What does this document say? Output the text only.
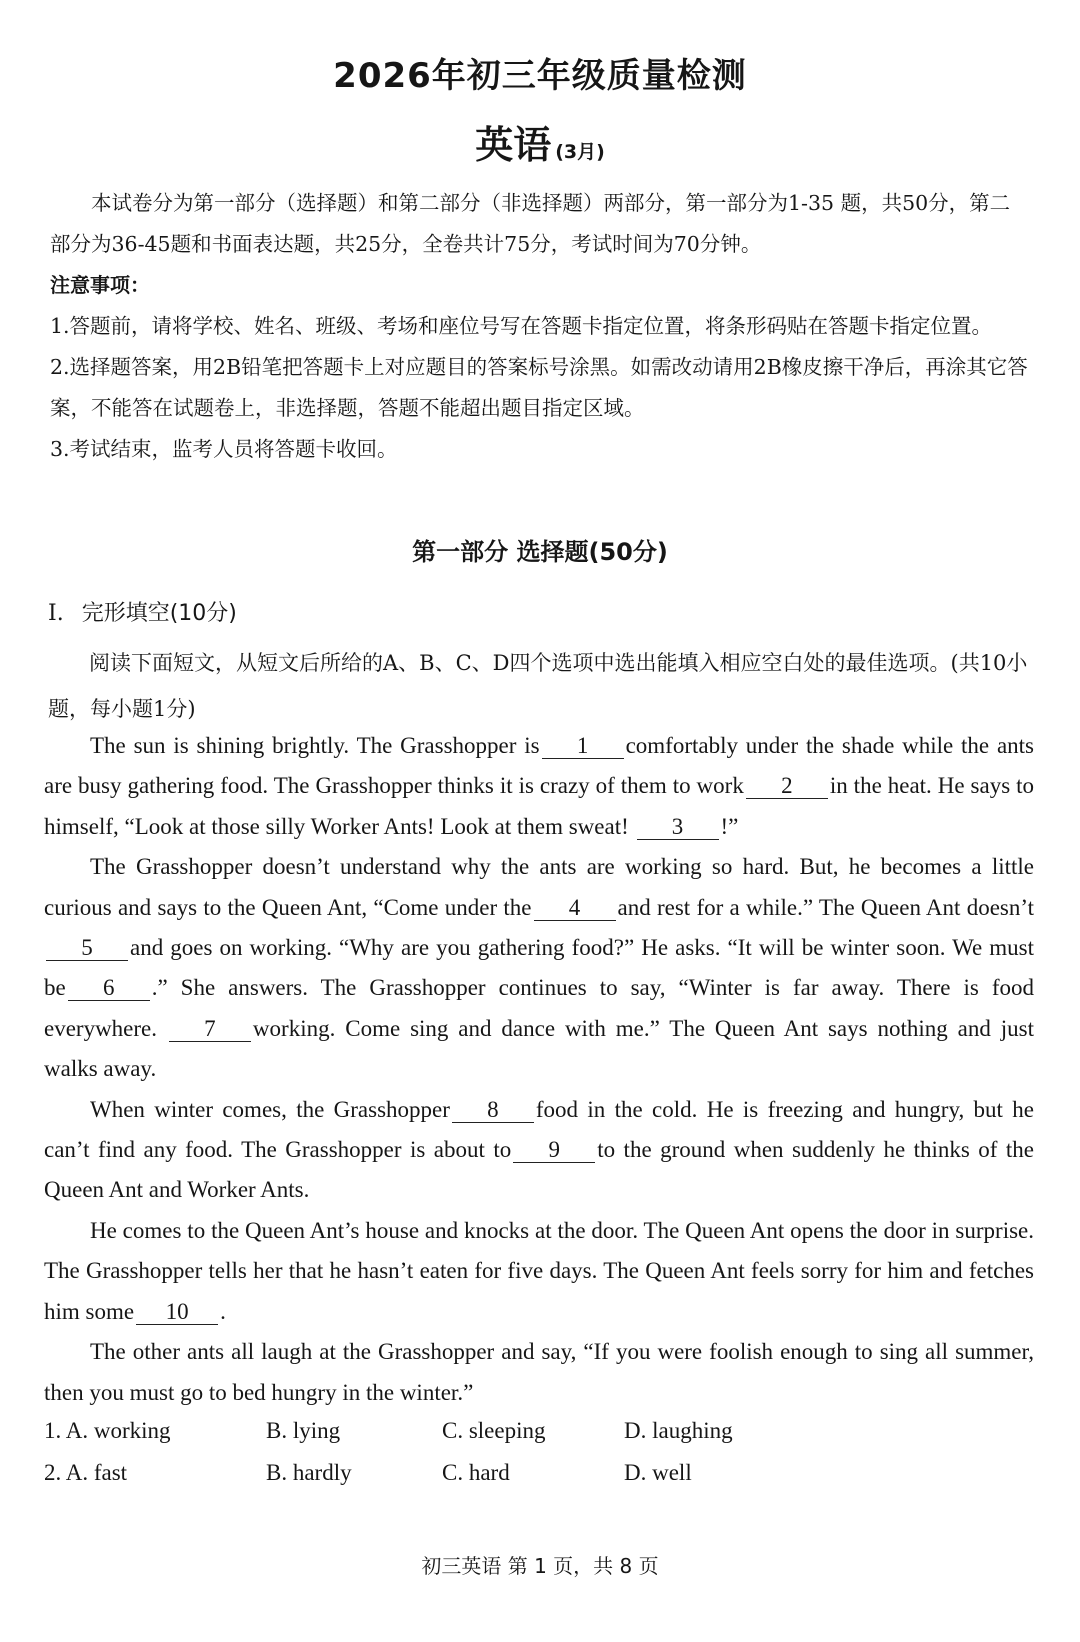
2026年初三年级质量检测
英语 (3月)

本试卷分为第一部分（选择题）和第二部分（非选择题）两部分，第一部分为1-35 题，共50分，第二部分为36-45题和书面表达题，共25分，全卷共计75分，考试时间为70分钟。

注意事项：

1.答题前，请将学校、姓名、班级、考场和座位号写在答题卡指定位置，将条形码贴在答题卡指定位置。

2.选择题答案，用2B铅笔把答题卡上对应题目的答案标号涂黑。如需改动请用2B橡皮擦干净后，再涂其它答案，不能答在试题卷上，非选择题，答题不能超出题目指定区域。

3.考试结束，监考人员将答题卡收回。

第一部分 选择题(50分)
I. 完形填空(10分)
阅读下面短文，从短文后所给的A、B、C、D四个选项中选出能填入相应空白处的最佳选项。(共10小题，每小题1分)

The sun is shining brightly. The Grasshopper is 1 comfortably under the shade while the ants are busy gathering food. The Grasshopper thinks it is crazy of them to work 2 in the heat. He says to himself, “Look at those silly Worker Ants! Look at them sweat! 3 !”

The Grasshopper doesn’t understand why the ants are working so hard. But, he becomes a little curious and says to the Queen Ant, “Come under the 4 and rest for a while.” The Queen Ant doesn’t5 and goes on working. “Why are you gathering food?” He asks. “It will be winter soon. We must be 6 .” She answers. The Grasshopper continues to say, “Winter is far away. There is food everywhere. 7 working. Come sing and dance with me.” The Queen Ant says nothing and just walks away.

When winter comes, the Grasshopper 8 food in the cold. He is freezing and hungry, but he can’t find any food. The Grasshopper is about to 9 to the ground when suddenly he thinks of the Queen Ant and Worker Ants.

He comes to the Queen Ant’s house and knocks at the door. The Queen Ant opens the door in surprise. The Grasshopper tells her that he hasn’t eaten for five days. The Queen Ant feels sorry for him and fetches him some 10 .

The other ants all laugh at the Grasshopper and say, “If you were foolish enough to sing all summer, then you must go to bed hungry in the winter.”

1. A. working	B. lying	C. sleeping	D. laughing
2. A. fast	B. hardly	C. hard	D. well
初三英语 第 1 页，共 8 页
